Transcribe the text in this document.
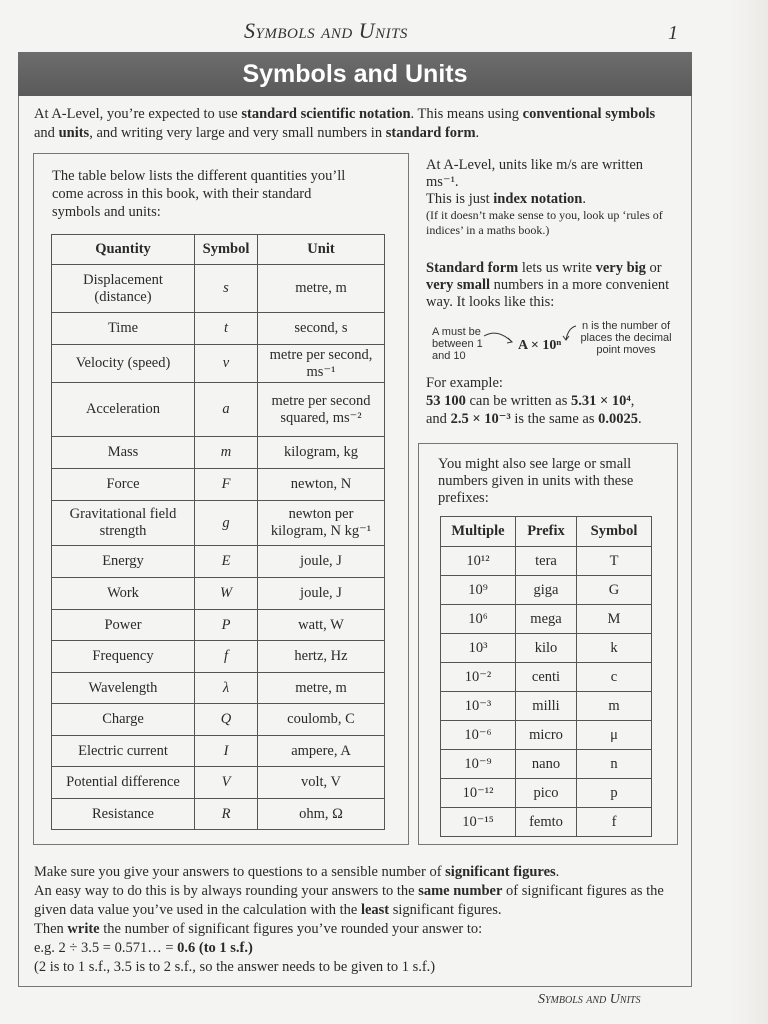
Symbols and Units	1
Symbols and Units
At A-Level, you’re expected to use standard scientific notation. This means using conventional symbols and units, and writing very large and very small numbers in standard form.
The table below lists the different quantities you’ll come across in this book, with their standard symbols and units:
Quantity	Symbol	Unit
Displacement (distance)	s	metre, m
Time	t	second, s
Velocity (speed)	v	metre per second, ms⁻¹
Acceleration	a	metre per second squared, ms⁻²
Mass	m	kilogram, kg
Force	F	newton, N
Gravitational field strength	g	newton per kilogram, N kg⁻¹
Energy	E	joule, J
Work	W	joule, J
Power	P	watt, W
Frequency	f	hertz, Hz
Wavelength	λ	metre, m
Charge	Q	coulomb, C
Electric current	I	ampere, A
Potential difference	V	volt, V
Resistance	R	ohm, Ω
At A-Level, units like m/s are written ms⁻¹.
This is just index notation.
(If it doesn’t make sense to you, look up ‘rules of indices’ in a maths book.)
Standard form lets us write very big or very small numbers in a more convenient way. It looks like this:
A must be between 1 and 10
A × 10ⁿ
n is the number of places the decimal point moves
For example:
53 100 can be written as 5.31 × 10⁴,
and 2.5 × 10⁻³ is the same as 0.0025.
You might also see large or small numbers given in units with these prefixes:
Multiple	Prefix	Symbol
10¹²	tera	T
10⁹	giga	G
10⁶	mega	M
10³	kilo	k
10⁻²	centi	c
10⁻³	milli	m
10⁻⁶	micro	μ
10⁻⁹	nano	n
10⁻¹²	pico	p
10⁻¹⁵	femto	f
Make sure you give your answers to questions to a sensible number of significant figures.
An easy way to do this is by always rounding your answers to the same number of significant figures as the given data value you’ve used in the calculation with the least significant figures.
Then write the number of significant figures you’ve rounded your answer to:
e.g. 2 ÷ 3.5 = 0.571… = 0.6 (to 1 s.f.)
(2 is to 1 s.f., 3.5 is to 2 s.f., so the answer needs to be given to 1 s.f.)
Symbols and Units
